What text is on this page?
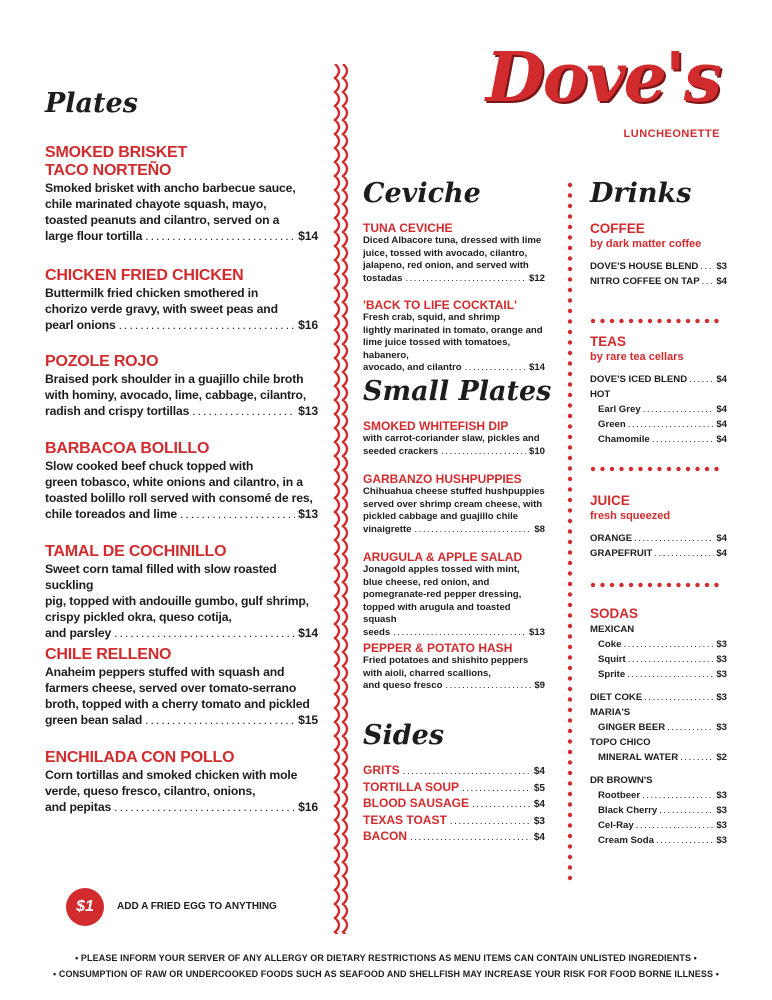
Dove's
LUNCHEONETTE
Plates
SMOKED BRISKET
TACO NORTEÑO
Smoked brisket with ancho barbecue sauce,
chile marinated chayote squash, mayo,
toasted peanuts and cilantro, served on a
large flour tortilla .....	$14
CHICKEN FRIED CHICKEN
Buttermilk fried chicken smothered in
chorizo verde gravy, with sweet peas and
pearl onions .....	$16
POZOLE ROJO
Braised pork shoulder in a guajillo chile broth
with hominy, avocado, lime, cabbage, cilantro,
radish and crispy tortillas .....	$13
BARBACOA BOLILLO
Slow cooked beef chuck topped with
green tobasco, white onions and cilantro, in a
toasted bolillo roll served with consomé de res,
chile toreados and lime .....	$13
TAMAL DE COCHINILLO
Sweet corn tamal filled with slow roasted suckling
pig, topped with andouille gumbo, gulf shrimp,
crispy pickled okra, queso cotija,
and parsley .....	$14
CHILE RELLENO
Anaheim peppers stuffed with squash and
farmers cheese, served over tomato-serrano
broth, topped with a cherry tomato and pickled
green bean salad .....	$15
ENCHILADA CON POLLO
Corn tortillas and smoked chicken with mole
verde, queso fresco, cilantro, onions,
and pepitas .....	$16
Ceviche
TUNA CEVICHE
Diced Albacore tuna, dressed with lime
juice, tossed with avocado, cilantro,
jalapeno, red onion, and served with
tostadas .....	$12
'BACK TO LIFE COCKTAIL'
Fresh crab, squid, and shrimp
lightly marinated in tomato, orange and
lime juice tossed with tomatoes, habanero,
avocado, and cilantro .....	$14
Small Plates
SMOKED WHITEFISH DIP
with carrot-coriander slaw, pickles and
seeded crackers .....	$10
GARBANZO HUSHPUPPIES
Chihuahua cheese stuffed hushpuppies
served over shrimp cream cheese, with
pickled cabbage and guajillo chile
vinaigrette .....	$8
ARUGULA & APPLE SALAD
Jonagold apples tossed with mint,
blue cheese, red onion, and
pomegranate-red pepper dressing,
topped with arugula and toasted squash
seeds .....	$13
PEPPER & POTATO HASH
Fried potatoes and shishito peppers
with aioli, charred scallions,
and queso fresco .....	$9
Sides
GRITS .....	$4
TORTILLA SOUP .....	$5
BLOOD SAUSAGE .....	$4
TEXAS TOAST .....	$3
BACON .....	$4
Drinks
COFFEE
by dark matter coffee
DOVE'S HOUSE BLEND ..... $3
NITRO COFFEE ON TAP ..... $4
TEAS
by rare tea cellars
DOVE'S ICED BLEND .....	$4
HOT
Earl Grey .....	$4
Green .....	$4
Chamomile .....	$4
JUICE
fresh squeezed
ORANGE .....	$4
GRAPEFRUIT .....	$4
SODAS
MEXICAN
Coke .....	$3
Squirt .....	$3
Sprite .....	$3
DIET COKE .....	$3
MARIA'S
GINGER BEER .....	$3
TOPO CHICO
MINERAL WATER .....	$2
DR BROWN'S
Rootbeer .....	$3
Black Cherry .....	$3
Cel-Ray .....	$3
Cream Soda .....	$3
$1	ADD A FRIED EGG TO ANYTHING
• PLEASE INFORM YOUR SERVER OF ANY ALLERGY OR DIETARY RESTRICTIONS AS MENU ITEMS CAN CONTAIN UNLISTED INGREDIENTS •
• CONSUMPTION OF RAW OR UNDERCOOKED FOODS SUCH AS SEAFOOD AND SHELLFISH MAY INCREASE YOUR RISK FOR FOOD BORNE ILLNESS •
